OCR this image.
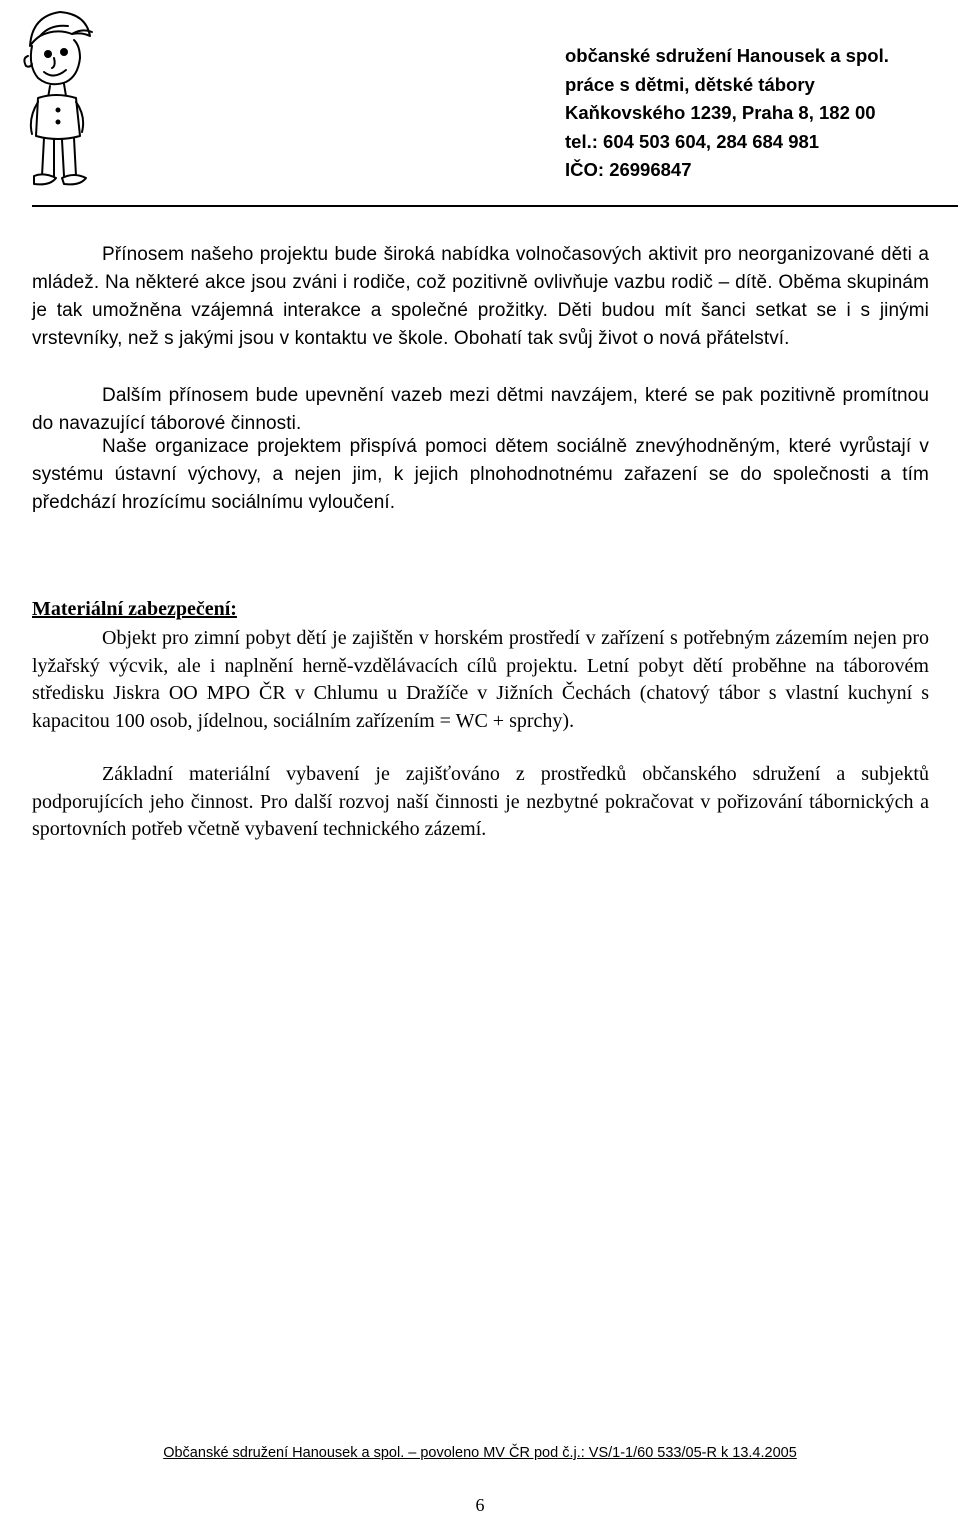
občanské sdružení Hanousek a spol.
práce s dětmi, dětské tábory
Kaňkovského 1239, Praha 8, 182 00
tel.: 604 503 604, 284 684 981
IČO: 26996847
Přínosem našeho projektu bude široká nabídka volnočasových aktivit pro neorganizované děti a mládež. Na některé akce jsou zváni i rodiče, což pozitivně ovlivňuje vazbu rodič – dítě. Oběma skupinám je tak umožněna vzájemná interakce a společné prožitky. Děti budou mít šanci setkat se i s jinými vrstevníky, než s jakými jsou v kontaktu ve škole. Obohatí tak svůj život o nová přátelství.
Dalším přínosem bude upevnění vazeb mezi dětmi navzájem, které se pak pozitivně promítnou do navazující táborové činnosti.
Naše organizace projektem přispívá pomoci dětem sociálně znevýhodněným, které vyrůstají v systému ústavní výchovy, a nejen jim, k jejich plnohodnotnému zařazení se do společnosti a tím předchází hrozícímu sociálnímu vyloučení.
Materiální zabezpečení:
Objekt pro zimní pobyt dětí je zajištěn v horském prostředí v zařízení s potřebným zázemím nejen pro lyžařský výcvik, ale i naplnění herně-vzdělávacích cílů projektu. Letní pobyt dětí proběhne na táborovém středisku Jiskra OO MPO ČR v Chlumu u Dražíče v Jižních Čechách (chatový tábor s vlastní kuchyní s kapacitou 100 osob, jídelnou, sociálním zařízením = WC + sprchy).
Základní materiální vybavení je zajišťováno z prostředků občanského sdružení a subjektů podporujících jeho činnost. Pro další rozvoj naší činnosti je nezbytné pokračovat v pořizování tábornických a sportovních potřeb včetně vybavení technického zázemí.
Občanské sdružení Hanousek a spol. – povoleno MV ČR pod č.j.: VS/1-1/60 533/05-R k 13.4.2005
6
